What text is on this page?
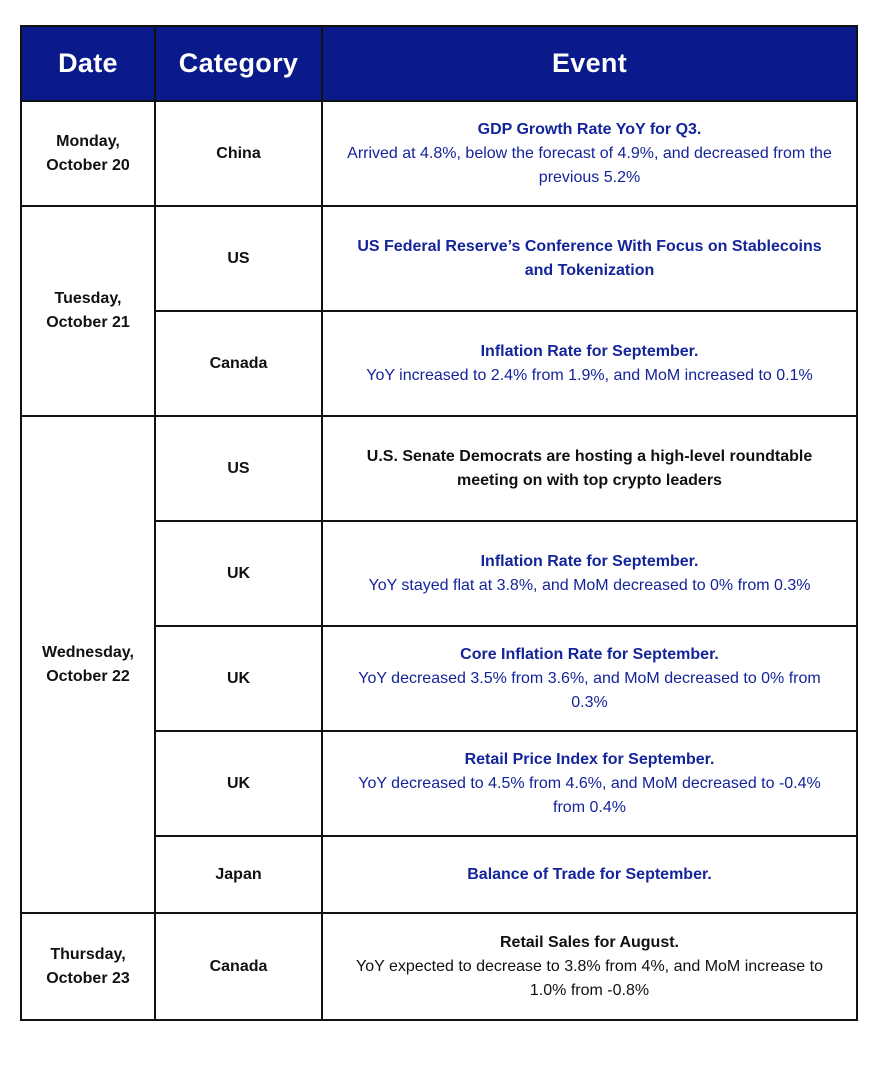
Date	Category	Event

Monday,
October 20	China	GDP Growth Rate YoY for Q3.
Arrived at 4.8%, below the forecast of 4.9%, and decreased from the previous 5.2%

Tuesday,
October 21	US	US Federal Reserve’s Conference With Focus on Stablecoins and Tokenization

	Canada	Inflation Rate for September.
YoY increased to 2.4% from 1.9%, and MoM increased to 0.1%

Wednesday,
October 22	US	U.S. Senate Democrats are hosting a high-level roundtable meeting on with top crypto leaders

	UK	Inflation Rate for September.
YoY stayed flat at 3.8%, and MoM decreased to 0% from 0.3%

	UK	Core Inflation Rate for September.
YoY decreased 3.5% from 3.6%, and MoM decreased to 0% from 0.3%

	UK	Retail Price Index for September.
YoY decreased to 4.5% from 4.6%, and MoM decreased to -0.4% from 0.4%

	Japan	Balance of Trade for September.

Thursday,
October 23	Canada	Retail Sales for August.
YoY expected to decrease to 3.8% from 4%, and MoM increase to 1.0% from -0.8%
